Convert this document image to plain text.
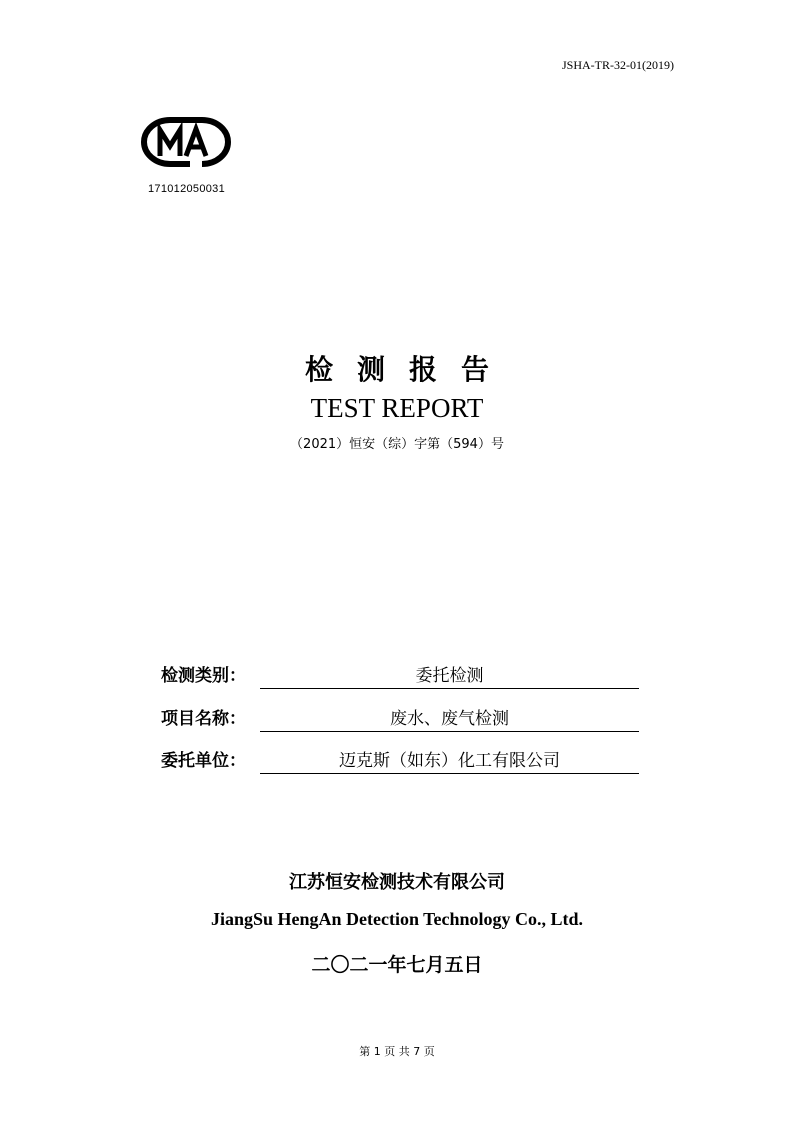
JSHA-TR-32-01(2019)
171012050031
检测报告
TEST REPORT
（2021）恒安（综）字第（594）号
检测类别：	委托检测
项目名称：	废水、废气检测
委托单位：	迈克斯（如东）化工有限公司
江苏恒安检测技术有限公司
JiangSu HengAn Detection Technology Co., Ltd.
二〇二一年七月五日
第 1 页 共 7 页
